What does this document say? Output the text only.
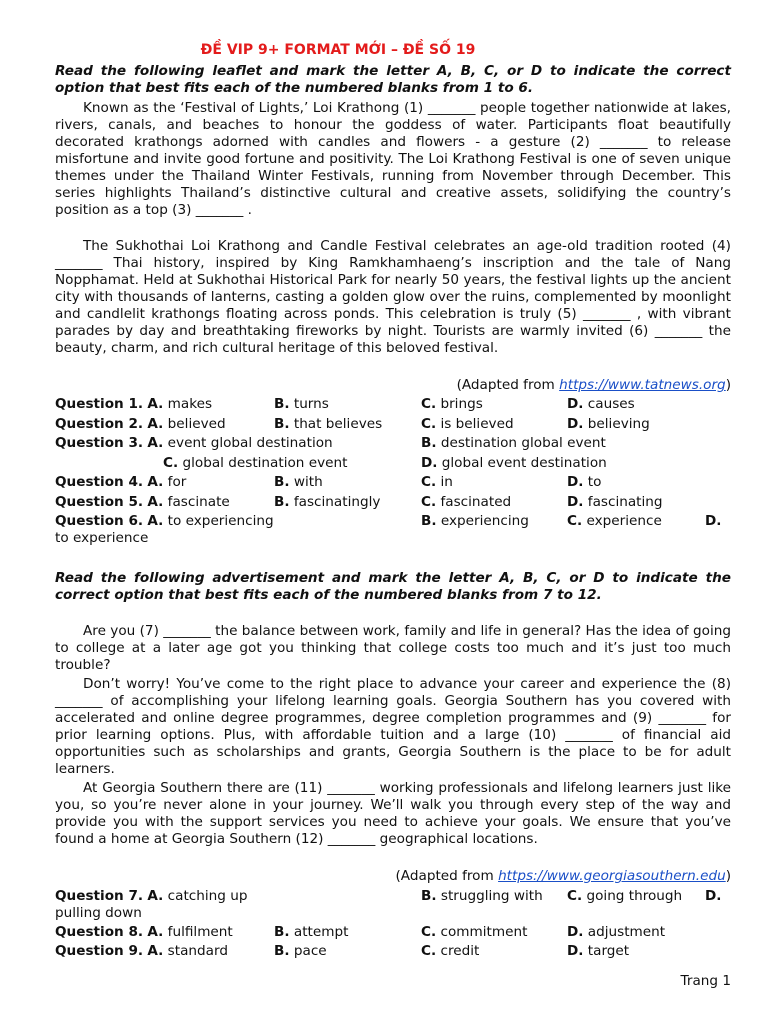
ĐỀ VIP 9+ FORMAT MỚI – ĐỀ SỐ 19
Read the following leaflet and mark the letter A, B, C, or D to indicate the correct option that best fits each of the numbered blanks from 1 to 6.
Known as the ‘Festival of Lights,’ Loi Krathong (1) _______ people together nationwide at lakes, rivers, canals, and beaches to honour the goddess of water. Participants float beautifully decorated krathongs adorned with candles and flowers - a gesture (2) _______ to release misfortune and invite good fortune and positivity. The Loi Krathong Festival is one of seven unique themes under the Thailand Winter Festivals, running from November through December. This series highlights Thailand’s distinctive cultural and creative assets, solidifying the country’s position as a top (3) _______ .
The Sukhothai Loi Krathong and Candle Festival celebrates an age-old tradition rooted (4) _______ Thai history, inspired by King Ramkhamhaeng’s inscription and the tale of Nang Nopphamat. Held at Sukhothai Historical Park for nearly 50 years, the festival lights up the ancient city with thousands of lanterns, casting a golden glow over the ruins, complemented by moonlight and candlelit krathongs floating across ponds. This celebration is truly (5) _______ , with vibrant parades by day and breathtaking fireworks by night. Tourists are warmly invited (6) _______ the beauty, charm, and rich cultural heritage of this beloved festival.
(Adapted from https://www.tatnews.org)
Question 1. A. makes	B. turns	C. brings	D. causes
Question 2. A. believed	B. that believes	C. is believed	D. believing
Question 3. A. event global destination	B. destination global event
C. global destination event	D. global event destination
Question 4. A. for	B. with	C. in	D. to
Question 5. A. fascinate	B. fascinatingly	C. fascinated	D. fascinating
Question 6. A. to experiencing	B. experiencing	C. experience	D.
to experience
Read the following advertisement and mark the letter A, B, C, or D to indicate the correct option that best fits each of the numbered blanks from 7 to 12.
Are you (7) _______ the balance between work, family and life in general? Has the idea of going to college at a later age got you thinking that college costs too much and it’s just too much trouble?
Don’t worry! You’ve come to the right place to advance your career and experience the (8) _______ of accomplishing your lifelong learning goals. Georgia Southern has you covered with accelerated and online degree programmes, degree completion programmes and (9) _______ for prior learning options. Plus, with affordable tuition and a large (10) _______ of financial aid opportunities such as scholarships and grants, Georgia Southern is the place to be for adult learners.
At Georgia Southern there are (11) _______ working professionals and lifelong learners just like you, so you’re never alone in your journey. We’ll walk you through every step of the way and provide you with the support services you need to achieve your goals. We ensure that you’ve found a home at Georgia Southern (12) _______ geographical locations.
(Adapted from https://www.georgiasouthern.edu)
Question 7. A. catching up	B. struggling with C. going through D.
pulling down
Question 8. A. fulfilment	B. attempt	C. commitment	D. adjustment
Question 9. A. standard	B. pace	C. credit	D. target
Trang 1
